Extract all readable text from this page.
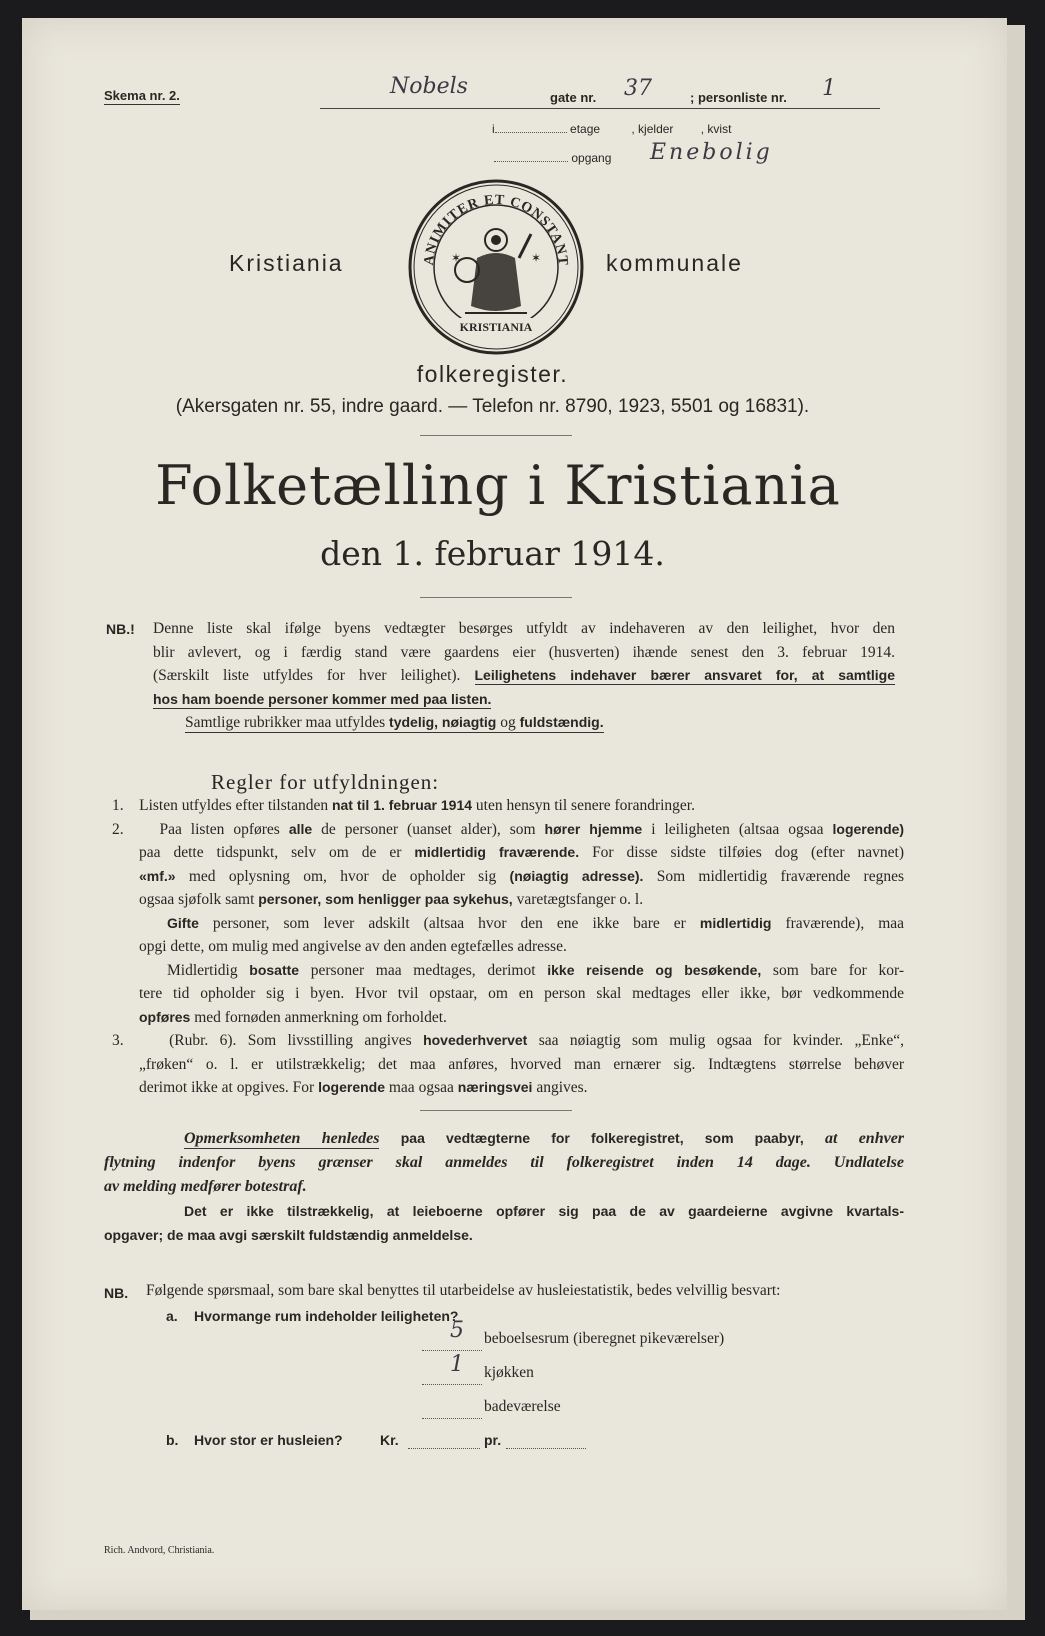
Skema nr. 2.	Nobels	gate nr. 37	; personliste nr. 1
i	etage	, kjelder , kvist
opgang Enebolig
Kristiania	kommunale
ANIMITER ET CONSTANT
✶	✶
KRISTIANIA
folkeregister.
(Akersgaten nr. 55, indre gaard. — Telefon nr. 8790, 1923, 5501 og 16831).
Folketælling i Kristiania
den 1. februar 1914.
NB.! Denne liste skal ifølge byens vedtægter besørges utfyldt av indehaveren av den leilighet, hvor den

blir avlevert, og i færdig stand være gaardens eier (husverten) ihænde senest den 3. februar 1914.

(Særskilt liste utfyldes for hver leilighet). Leilighetens indehaver bærer ansvaret for, at samtlige

hos ham boende personer kommer med paa listen.

Samtlige rubrikker maa utfyldes tydelig, nøiagtig og fuldstændig.

Regler for utfyldningen:

1. Listen utfyldes efter tilstanden nat til 1. februar 1914 uten hensyn til senere forandringer.

2. Paa listen opføres alle de personer (uanset alder), som hører hjemme i leiligheten (altsaa ogsaa logerende)

paa dette tidspunkt, selv om de er midlertidig fraværende. For disse sidste tilføies dog (efter navnet)

«mf.» med oplysning om, hvor de opholder sig (nøiagtig adresse). Som midlertidig fraværende regnes

ogsaa sjøfolk samt personer, som henligger paa sykehus, varetægtsfanger o. l.

Gifte personer, som lever adskilt (altsaa hvor den ene ikke bare er midlertidig fraværende), maa

opgi dette, om mulig med angivelse av den anden egtefælles adresse.

Midlertidig bosatte personer maa medtages, derimot ikke reisende og besøkende, som bare for kor-

tere tid opholder sig i byen. Hvor tvil opstaar, om en person skal medtages eller ikke, bør vedkommende

opføres med fornøden anmerkning om forholdet.

3.	(Rubr. 6). Som livsstilling angives hovederhvervet saa nøiagtig som mulig ogsaa for kvinder. „Enke“,

„frøken“ o. l. er utilstrækkelig; det maa anføres, hvorved man ernærer sig. Indtægtens størrelse behøver

derimot ikke at opgives. For logerende maa ogsaa næringsvei angives.

Opmerksomheten henledes paa vedtægterne for folkeregistret, som paabyr, at enhver

flytning indenfor byens grænser skal anmeldes til folkeregistret inden 14 dage. Undlatelse

av melding medfører botestraf.

Det er ikke tilstrækkelig, at leieboerne opfører sig paa de av gaardeierne avgivne kvartals-

opgaver; de maa avgi særskilt fuldstændig anmeldelse.

NB. Følgende spørsmaal, som bare skal benyttes til utarbeidelse av husleiestatistik, bedes velvillig besvart:
a. Hvormange rum indeholder leiligheten?
5 beboelsesrum (iberegnet pikeværelser)
1 kjøkken
badeværelse
b. Hvor stor er husleien?	Kr.	pr.
Rich. Andvord, Christiania.
